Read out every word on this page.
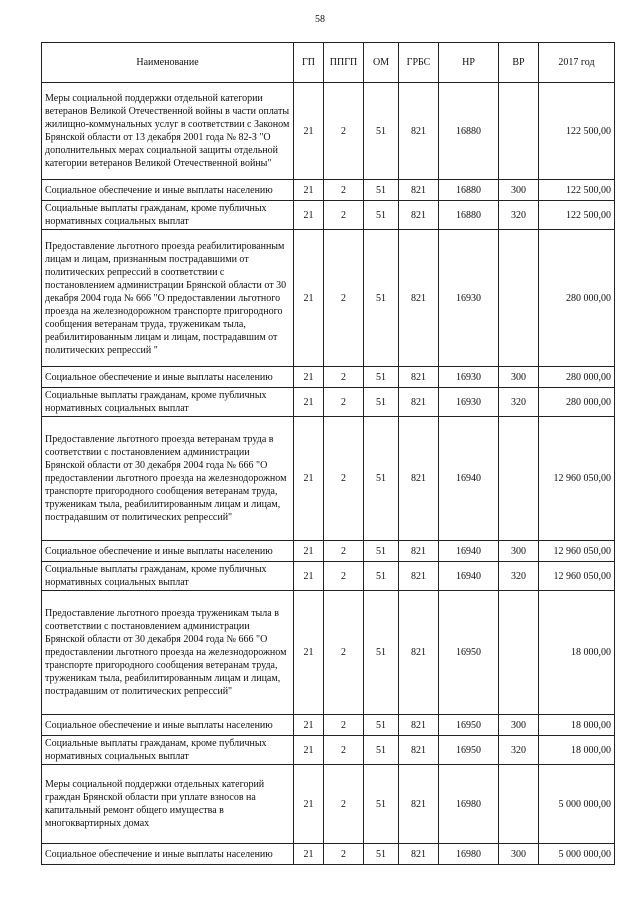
58
Наименование	ГП	ППГП	ОМ	ГРБС	НР	ВР	2017 год
Меры социальной поддержки отдельной категории ветеранов Великой Отечественной войны в части оплаты жилищно-коммунальных услуг в соответствии с Законом Брянской области от 13 декабря 2001 года № 82-З "О дополнительных мерах социальной защиты отдельной категории ветеранов Великой Отечественной войны"	21	2	51	821	16880		122 500,00
Социальное обеспечение и иные выплаты населению	21	2	51	821	16880	300	122 500,00
Социальные выплаты гражданам, кроме публичных нормативных социальных выплат	21	2	51	821	16880	320	122 500,00
Предоставление льготного проезда реабилитированным лицам и лицам, признанным пострадавшими от политических репрессий в соответствии с постановлением администрации Брянской области от 30 декабря 2004 года № 666 "О предоставлении льготного проезда на железнодорожном транспорте пригородного сообщения ветеранам труда, труженикам тыла, реабилитированным лицам и лицам, пострадавшим от политических репрессий "	21	2	51	821	16930		280 000,00
Социальное обеспечение и иные выплаты населению	21	2	51	821	16930	300	280 000,00
Социальные выплаты гражданам, кроме публичных нормативных социальных выплат	21	2	51	821	16930	320	280 000,00
Предоставление льготного проезда ветеранам труда в соответствии с постановлением администрации Брянской области от 30 декабря 2004 года № 666 "О предоставлении льготного проезда на железнодорожном транспорте пригородного сообщения ветеранам труда, труженикам тыла, реабилитированным лицам и лицам, пострадавшим от политических репрессий"	21	2	51	821	16940		12 960 050,00
Социальное обеспечение и иные выплаты населению	21	2	51	821	16940	300	12 960 050,00
Социальные выплаты гражданам, кроме публичных нормативных социальных выплат	21	2	51	821	16940	320	12 960 050,00
Предоставление льготного проезда труженикам тыла в соответствии с постановлением администрации Брянской области от 30 декабря 2004 года № 666 "О предоставлении льготного проезда на железнодорожном транспорте пригородного сообщения ветеранам труда, труженикам тыла, реабилитированным лицам и лицам, пострадавшим от политических репрессий"	21	2	51	821	16950		18 000,00
Социальное обеспечение и иные выплаты населению	21	2	51	821	16950	300	18 000,00
Социальные выплаты гражданам, кроме публичных нормативных социальных выплат	21	2	51	821	16950	320	18 000,00
Меры социальной поддержки отдельных категорий граждан Брянской области при уплате взносов на капитальный ремонт общего имущества в многоквартирных домах	21	2	51	821	16980		5 000 000,00
Социальное обеспечение и иные выплаты населению	21	2	51	821	16980	300	5 000 000,00
